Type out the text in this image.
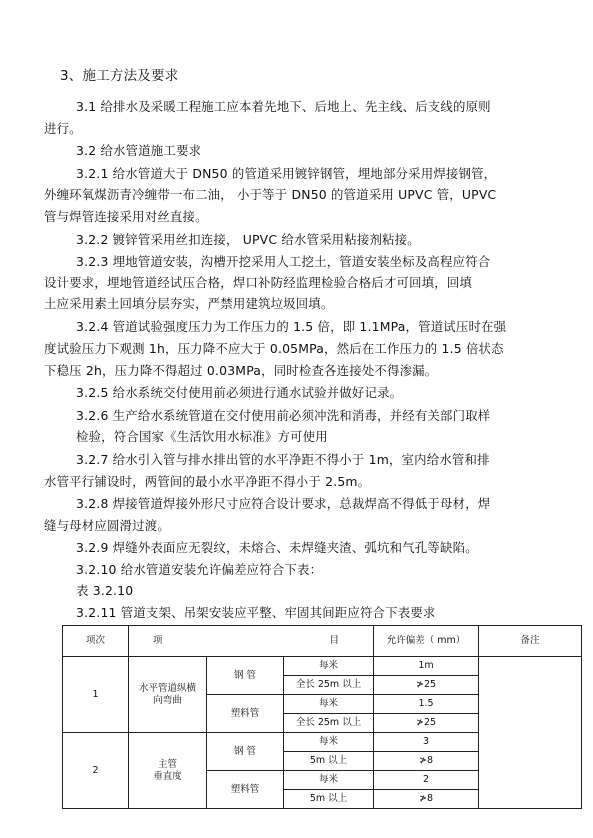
3、施工方法及要求
3.1 给排水及采暖工程施工应本着先地下、后地上、先主线、后支线的原则
进行。
3.2 给水管道施工要求
3.2.1 给水管道大于 DN50 的管道采用镀锌钢管，埋地部分采用焊接钢管，
外缠环氧煤沥青冷缠带一布二油， 小于等于 DN50 的管道采用 UPVC 管，UPVC
管与焊管连接采用对丝直接。
3.2.2 镀锌管采用丝扣连接， UPVC 给水管采用粘接剂粘接。
3.2.3 埋地管道安装，沟槽开挖采用人工挖土，管道安装坐标及高程应符合
设计要求，埋地管道经试压合格，焊口补防经监理检验合格后才可回填，回填
土应采用素土回填分层夯实，严禁用建筑垃圾回填。
3.2.4 管道试验强度压力为工作压力的 1.5 倍，即 1.1MPa，管道试压时在强
度试验压力下观测 1h，压力降不应大于 0.05MPa，然后在工作压力的 1.5 倍状态
下稳压 2h，压力降不得超过 0.03MPa，同时检查各连接处不得渗漏。
3.2.5 给水系统交付使用前必须进行通水试验并做好记录。
3.2.6 生产给水系统管道在交付使用前必须冲洗和消毒，并经有关部门取样
检验，符合国家《生活饮用水标准》方可使用
3.2.7 给水引入管与排水排出管的水平净距不得小于 1m，室内给水管和排
水管平行铺设时，两管间的最小水平净距不得小于 2.5m。
3.2.8 焊接管道焊接外形尺寸应符合设计要求，总裁焊高不得低于母材，焊
缝与母材应圆滑过渡。
3.2.9 焊缝外表面应无裂纹，未熔合、未焊缝夹渣、弧坑和气孔等缺陷。
3.2.10 给水管道安装允许偏差应符合下表：
表 3.2.10
3.2.11 管道支架、吊架安装应平整、牢固其间距应符合下表要求
项次	项	目		允许偏差（ mm）	备注
1	水平管道纵横向弯曲	钢 管	每米	1m	
			全长 25m 以上	≯25	
		塑料管	每米	1.5	
			全长 25m 以上	≯25	
2	主管
垂直度	钢 管	每米	3	
			5m 以上	≯8	
		塑料管	每米	2	
			5m 以上	≯8	
